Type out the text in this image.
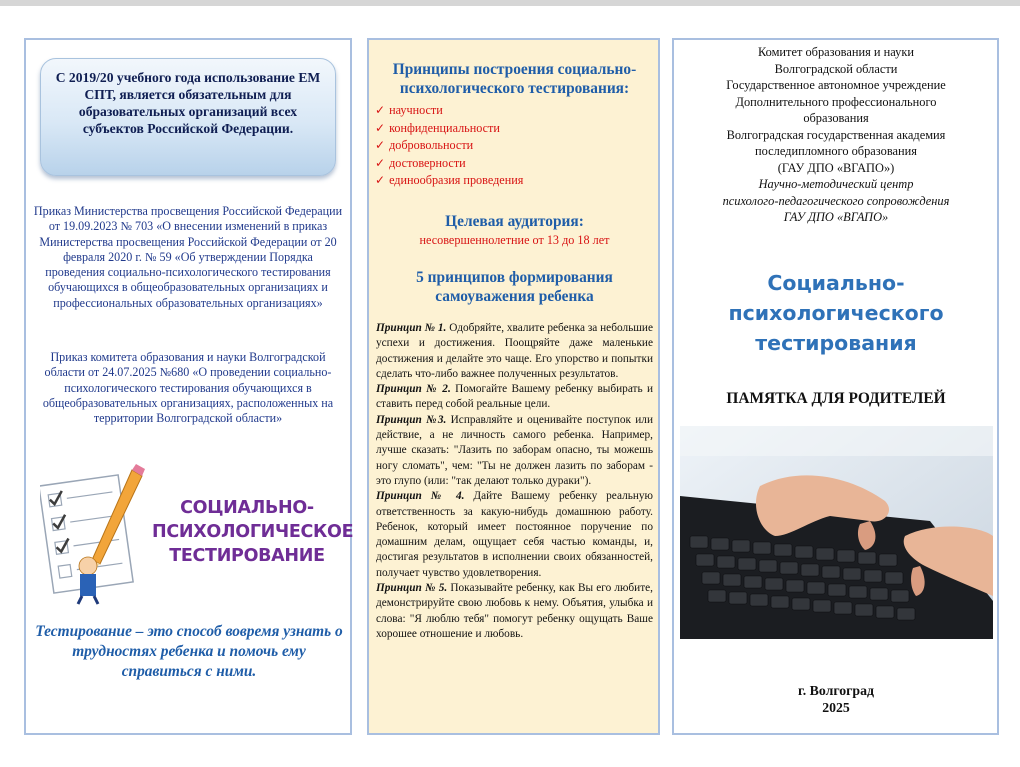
С 2019/20 учебного года использование ЕМ СПТ, является обязательным для образовательных организаций всех субъектов Российской Федерации.
Приказ Министерства просвещения Российской Федерации от 19.09.2023 № 703 «О внесении изменений в приказ Министерства просвещения Российской Федерации от 20 февраля 2020 г. № 59 «Об утверждении Порядка проведения социально-психологического тестирования обучающихся в общеобразовательных организациях и профессиональных образовательных организациях»
Приказ комитета образования и науки Волгоградской области от 24.07.2025 №680 «О проведении социально-психологического тестирования обучающихся в общеобразовательных организациях, расположенных на территории Волгоградской области»
СОЦИАЛЬНО-
ПСИХОЛОГИЧЕСКОЕ
ТЕСТИРОВАНИЕ
Тестирование – это способ вовремя узнать о трудностях ребенка и помочь ему справиться с ними.
Принципы построения социально-психологического тестирования:
✓ научности
✓ конфиденциальности
✓ добровольности
✓ достоверности
✓ единообразия проведения
Целевая аудитория:
несовершеннолетние от 13 до 18 лет
5 принципов формирования самоуважения ребенка

Принцип № 1. Одобряйте, хвалите ребенка за небольшие успехи и достижения. Поощряйте даже маленькие достижения и делайте это чаще. Его упорство и попытки сделать что-либо важнее полученных результатов.

Принцип № 2. Помогайте Вашему ребенку выбирать и ставить перед собой реальные цели.

Принцип №3. Исправляйте и оценивайте поступок или действие, а не личность самого ребенка. Например, лучше сказать: "Лазить по заборам опасно, ты можешь ногу сломать", чем: "Ты не должен лазить по заборам - это глупо (или: "так делают только дураки").

Принцип № 4. Дайте Вашему ребенку реальную ответственность за какую-нибудь домашнюю работу. Ребенок, который имеет постоянное поручение по домашним делам, ощущает себя частью команды, и, достигая результатов в исполнении своих обязанностей, получает чувство удовлетворения.

Принцип № 5. Показывайте ребенку, как Вы его любите, демонстрируйте свою любовь к нему. Объятия, улыбка и слова: "Я люблю тебя" помогут ребенку ощущать Ваше хорошее отношение и любовь.

Комитет образования и науки
Волгоградской области
Государственное автономное учреждение
Дополнительного профессионального
образования
Волгоградская государственная академия
последипломного образования
(ГАУ ДПО «ВГАПО»)
Научно-методический центр
психолого-педагогического сопровождения
ГАУ ДПО «ВГАПО»
Социально-
психологического
тестирования
ПАМЯТКА ДЛЯ РОДИТЕЛЕЙ
г. Волгоград
2025
